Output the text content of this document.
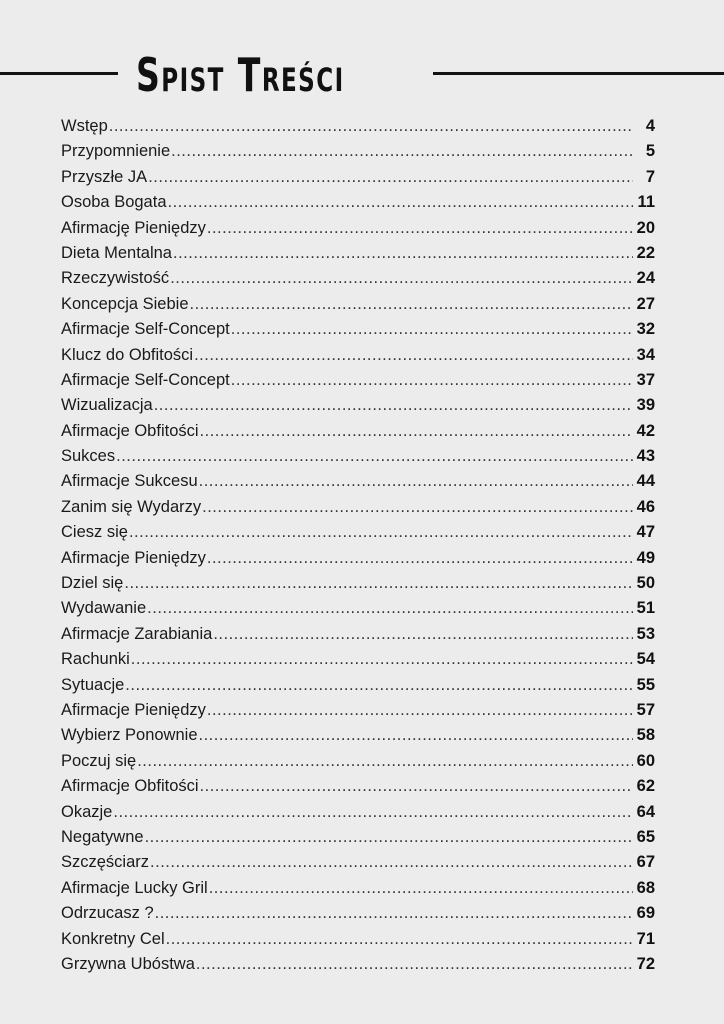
Spist Treści
Wstęp .....	4
Przypomnienie .....	5
Przyszłe JA .....	7
Osoba Bogata .....	11
Afirmację Pieniędzy .....	20
Dieta Mentalna .....	22
Rzeczywistość .....	24
Koncepcja Siebie .....	27
Afirmacje Self-Concept .....	32
Klucz do Obfitości .....	34
Afirmacje Self-Concept .....	37
Wizualizacja .....	39
Afirmacje Obfitości .....	42
Sukces .....	43
Afirmacje Sukcesu .....	44
Zanim się Wydarzy .....	46
Ciesz się .....	47
Afirmacje Pieniędzy .....	49
Dziel się .....	50
Wydawanie .....	51
Afirmacje Zarabiania .....	53
Rachunki .....	54
Sytuacje .....	55
Afirmacje Pieniędzy .....	57
Wybierz Ponownie .....	58
Poczuj się .....	60
Afirmacje Obfitości .....	62
Okazje .....	64
Negatywne .....	65
Szczęściarz .....	67
Afirmacje Lucky Gril .....	68
Odrzucasz ? .....	69
Konkretny Cel .....	71
Grzywna Ubóstwa .....	72
